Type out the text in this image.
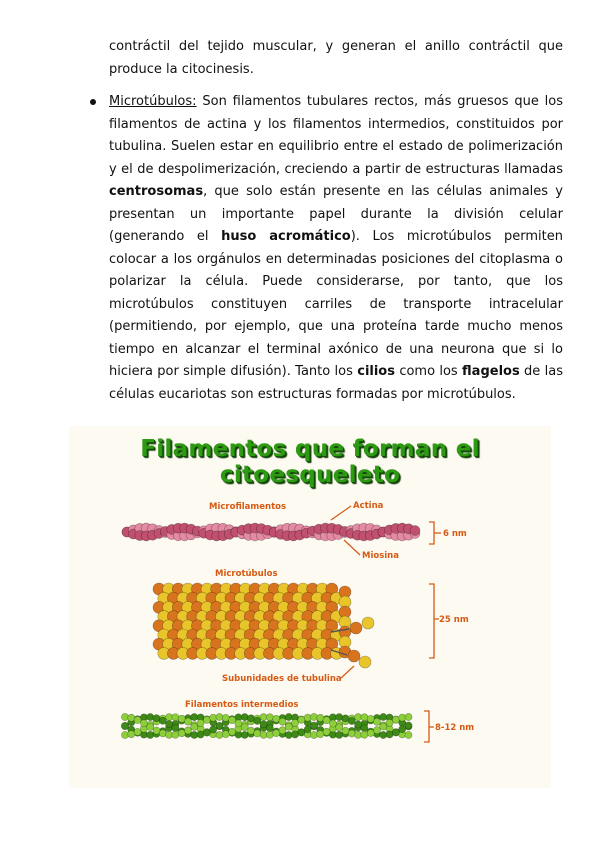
contráctil del tejido muscular, y generan el anillo contráctil que produce la citocinesis.
Microtúbulos: Son filamentos tubulares rectos, más gruesos que los filamentos de actina y los filamentos intermedios, constituidos por tubulina. Suelen estar en equilibrio entre el estado de polimerización y el de despolimerización, creciendo a partir de estructuras llamadas centrosomas, que solo están presente en las células animales y presentan un importante papel durante la división celular (generando el huso acromático). Los microtúbulos permiten colocar a los orgánulos en determinadas posiciones del citoplasma o polarizar la célula. Puede considerarse, por tanto, que los microtúbulos constituyen carriles de transporte intracelular (permitiendo, por ejemplo, que una proteína tarde mucho menos tiempo en alcanzar el terminal axónico de una neurona que si lo hiciera por simple difusión). Tanto los cilios como los flagelos de las células eucariotas son estructuras formadas por microtúbulos.
Filamentos que forman el citoesqueleto
Microfilamentos	Actina
Miosina
6 nm
Microtúbulos
25 nm
Subunidades de tubulina
Filamentos intermedios
8-12 nm
